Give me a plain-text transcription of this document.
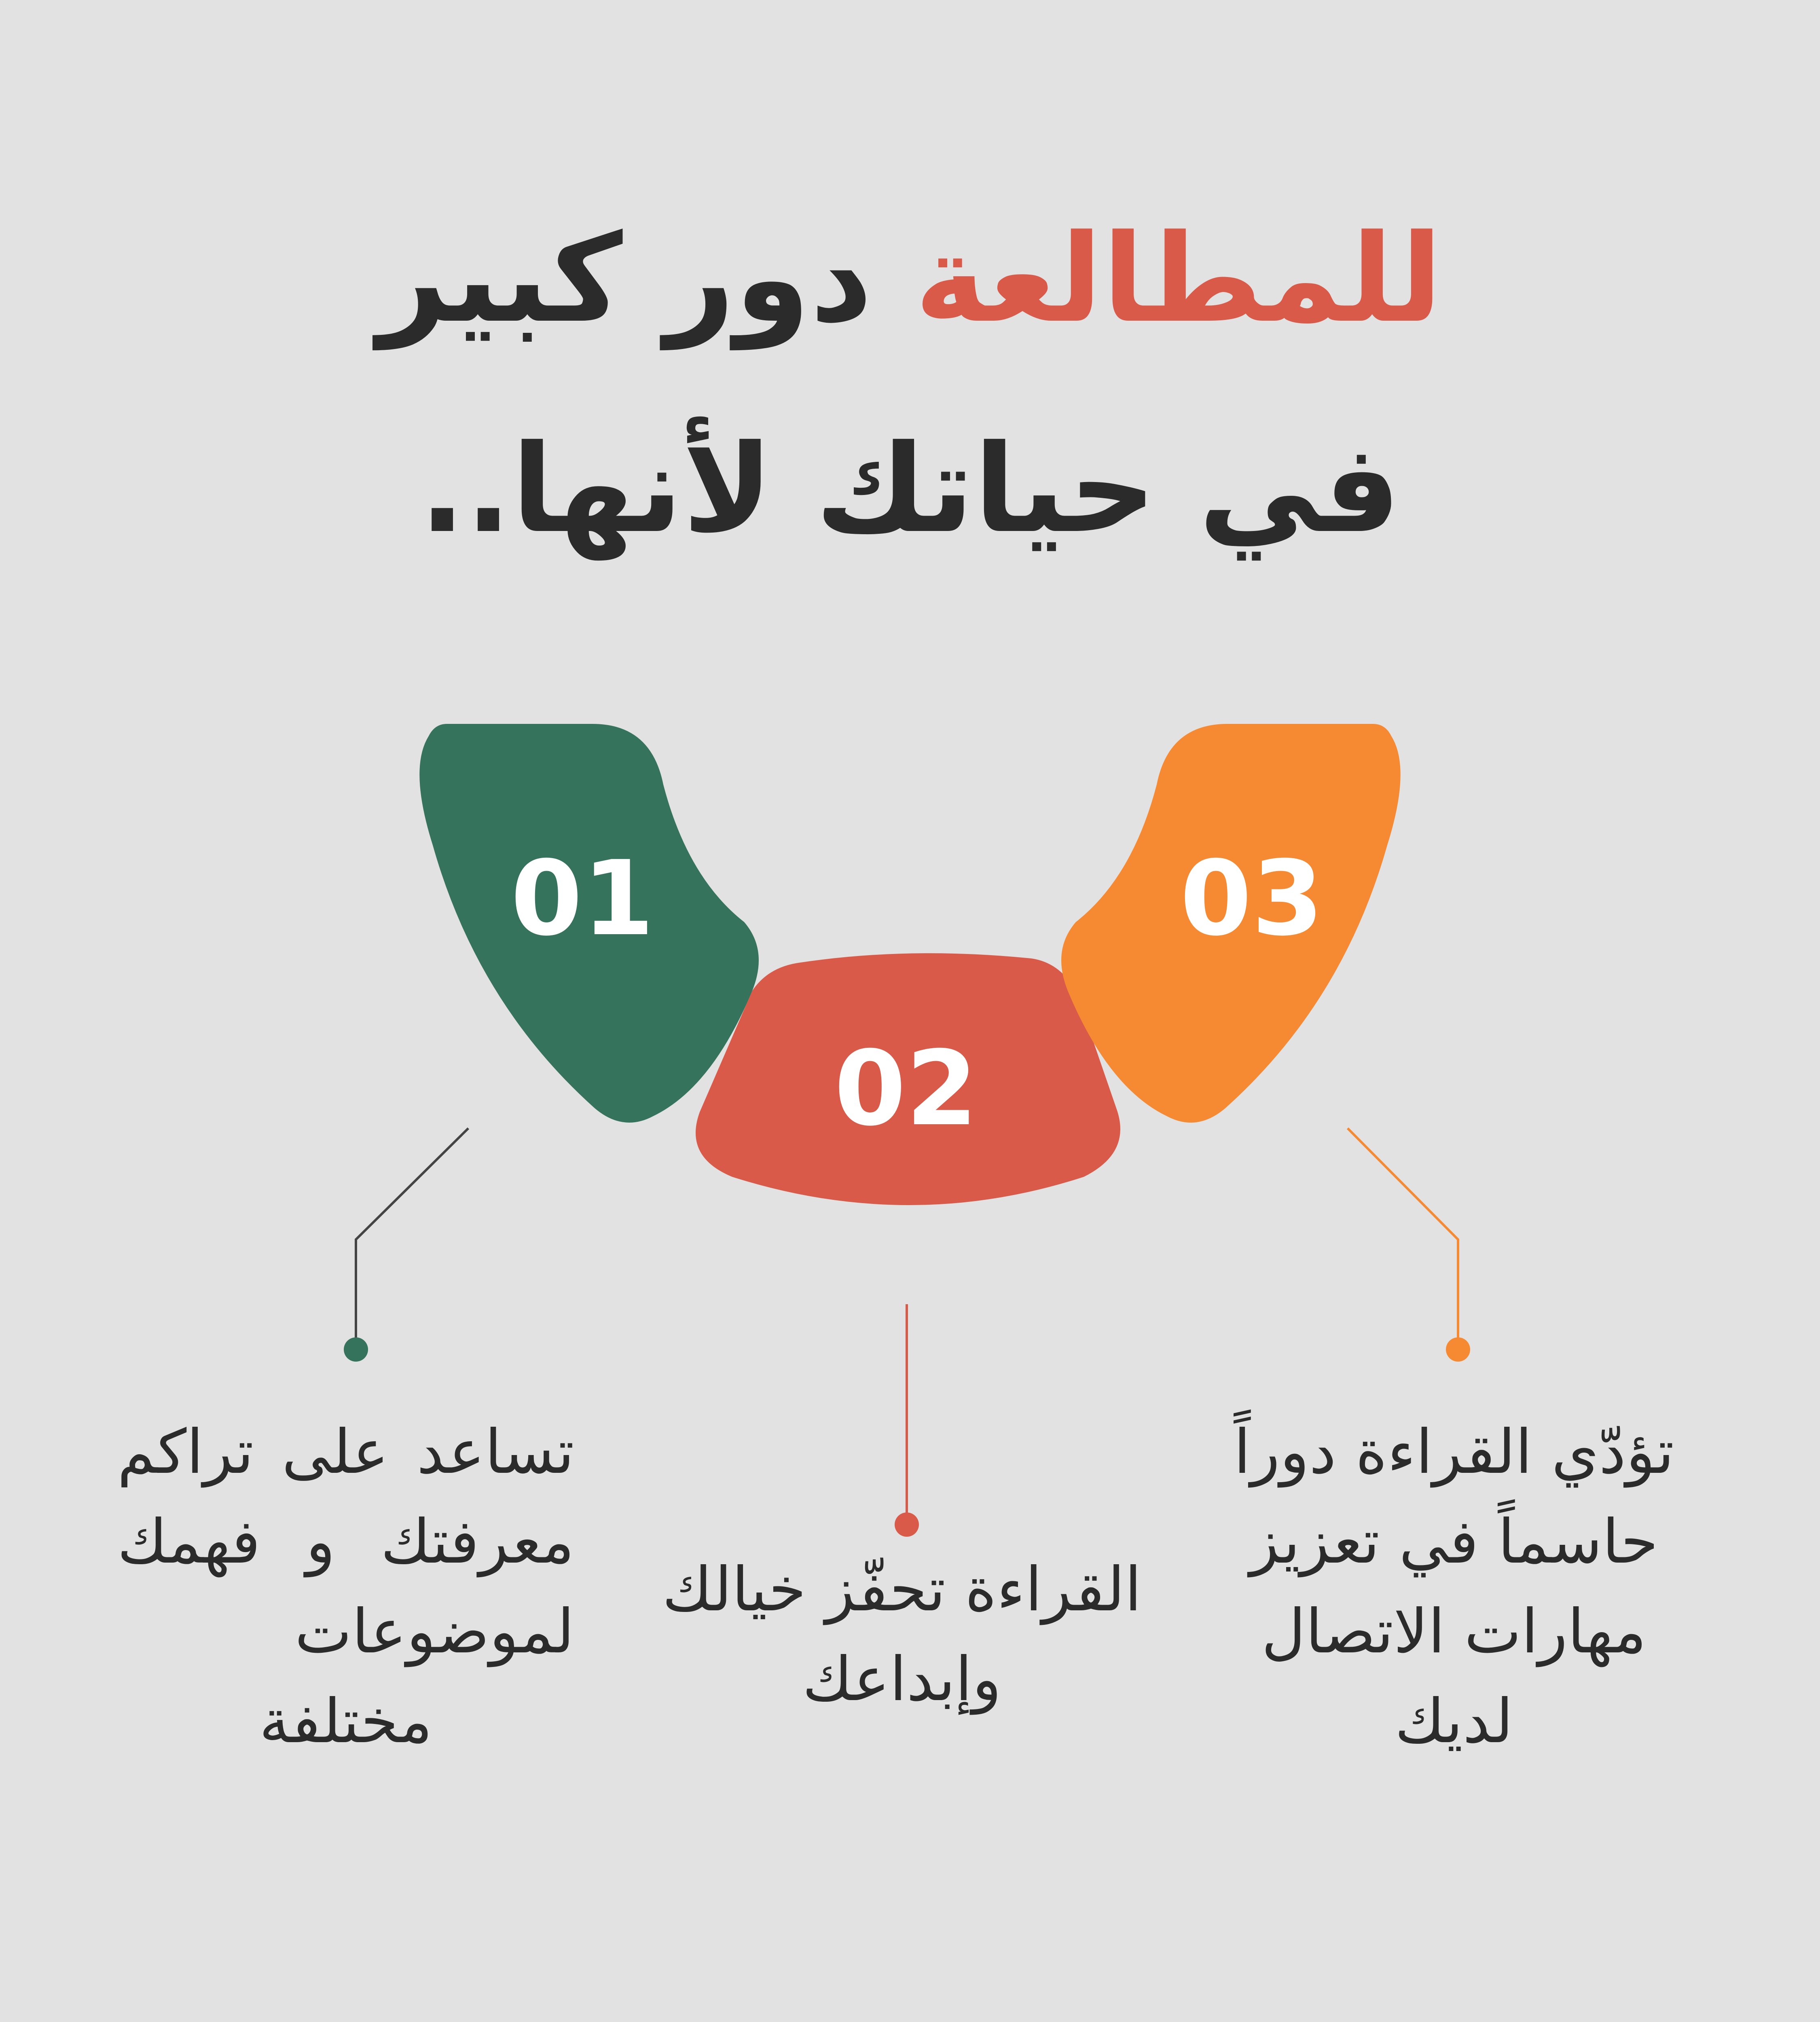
للمطالعة دور كبير
في حياتك لأنها..
01
02
03
تساعد على تراكم معرفتك و فهمك لموضوعات مختلفة
القراءة تحفّز خيالك وإبداعك
تؤدّي القراءة دوراً حاسماً في تعزيز مهارات الاتصال لديك
